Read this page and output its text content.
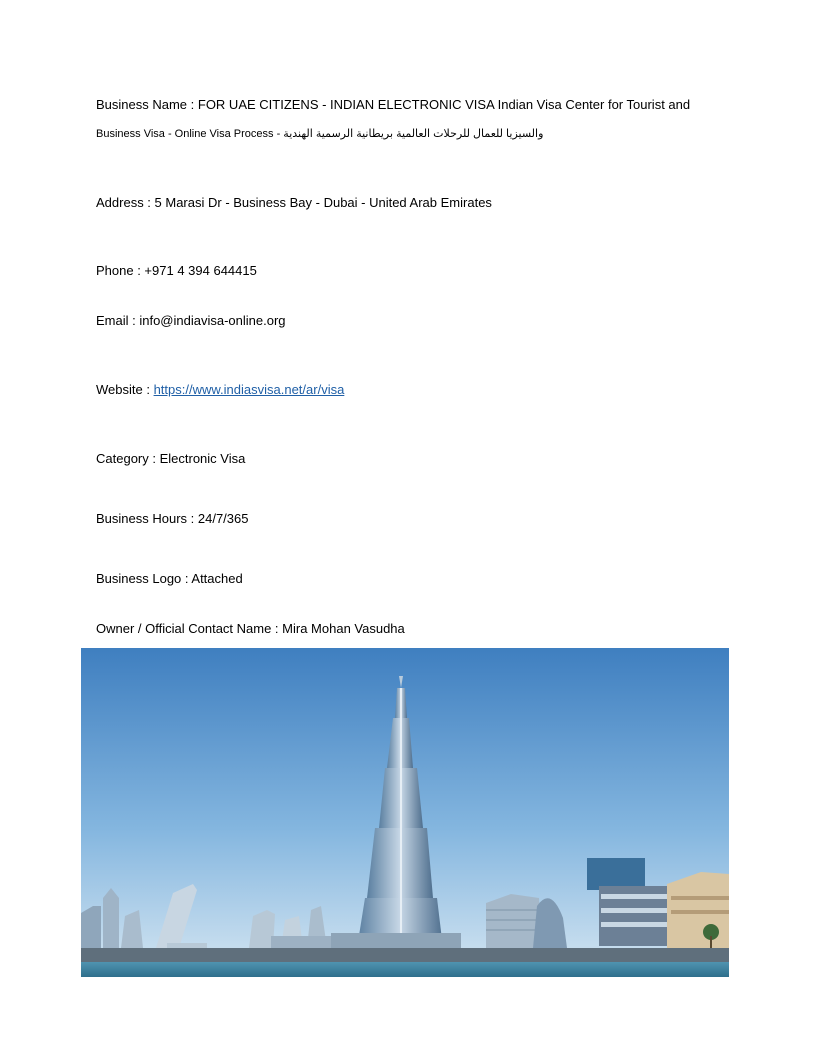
Business Name : FOR UAE CITIZENS - INDIAN ELECTRONIC VISA Indian Visa Center for Tourist and
Business Visa - Online Visa Process - والسيزيا للعمال للرحلات العالمية بريطانية الرسمية الهندية
Address : 5 Marasi Dr - Business Bay - Dubai - United Arab Emirates
Phone : +971 4 394 644415
Email : info@indiavisa-online.org
Website : https://www.indiasvisa.net/ar/visa
Category : Electronic Visa
Business Hours : 24/7/365
Business Logo : Attached
Owner / Official Contact Name : Mira Mohan Vasudha
